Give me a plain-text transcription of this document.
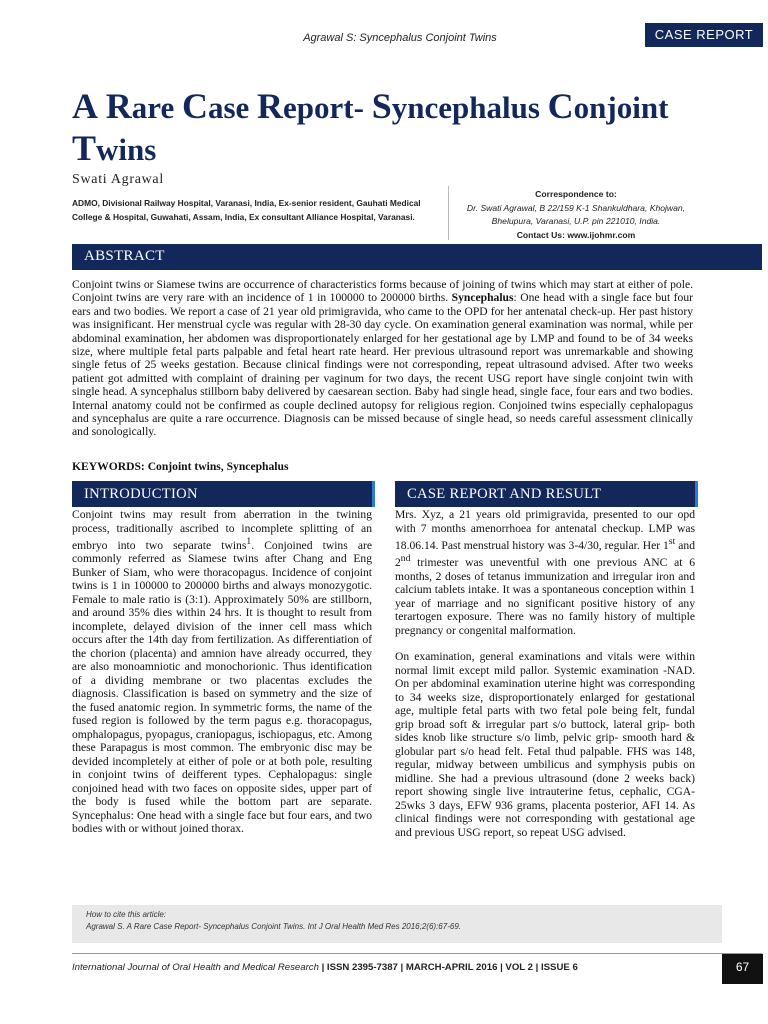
Agrawal S: Syncephalus Conjoint Twins	CASE REPORT
A Rare Case Report- Syncephalus Conjoint Twins
Swati Agrawal
ADMO, Divisional Railway Hospital, Varanasi, India, Ex-senior resident, Gauhati Medical College & Hospital, Guwahati, Assam, India, Ex consultant Alliance Hospital, Varanasi.
Correspondence to:
Dr. Swati Agrawal, B 22/159 K-1 Shankuldhara, Khojwan, Bhelupura, Varanasi, U.P. pin 221010, India.
Contact Us: www.ijohmr.com
ABSTRACT

Conjoint twins or Siamese twins are occurrence of characteristics forms because of joining of twins which may start at either of pole. Conjoint twins are very rare with an incidence of 1 in 100000 to 200000 births. Syncephalus: One head with a single face but four ears and two bodies. We report a case of 21 year old primigravida, who came to the OPD for her antenatal check-up. Her past history was insignificant. Her menstrual cycle was regular with 28-30 day cycle. On examination general examination was normal, while per abdominal examination, her abdomen was disproportionately enlarged for her gestational age by LMP and found to be of 34 weeks size, where multiple fetal parts palpable and fetal heart rate heard. Her previous ultrasound report was unremarkable and showing single fetus of 25 weeks gestation. Because clinical findings were not corresponding, repeat ultrasound advised. After two weeks patient got admitted with complaint of draining per vaginum for two days, the recent USG report have single conjoint twin with single head. A syncephalus stillborn baby delivered by caesarean section. Baby had single head, single face, four ears and two bodies. Internal anatomy could not be confirmed as couple declined autopsy for religious region. Conjoined twins especially cephalopagus and syncephalus are quite a rare occurrence. Diagnosis can be missed because of single head, so needs careful assessment clinically and sonologically.

KEYWORDS: Conjoint twins, Syncephalus
INTRODUCTION	CASE REPORT AND RESULT

Conjoint twins may result from aberration in the twining process, traditionally ascribed to incomplete splitting of an embryo into two separate twins$^1$. Conjoined twins are commonly referred as Siamese twins after Chang and Eng Bunker of Siam, who were thoracopagus. Incidence of conjoint twins is 1 in 100000 to 200000 births and always monozygotic. Female to male ratio is (3:1). Approximately 50% are stillborn, and around 35% dies within 24 hrs. It is thought to result from incomplete, delayed division of the inner cell mass which occurs after the 14th day from fertilization. As differentiation of the chorion (placenta) and amnion have already occurred, they are also monoamniotic and monochorionic. Thus identification of a dividing membrane or two placentas excludes the diagnosis. Classification is based on symmetry and the size of the fused anatomic region. In symmetric forms, the name of the fused region is followed by the term pagus e.g. thoracopagus, omphalopagus, pyopagus, craniopagus, ischiopagus, etc. Among these Parapagus is most common. The embryonic disc may be devided incompletely at either of pole or at both pole, resulting in conjoint twins of deifferent types. Cephalopagus: single conjoined head with two faces on opposite sides, upper part of the body is fused while the bottom part are separate. Syncephalus: One head with a single face but four ears, and two bodies with or without joined thorax.

Mrs. Xyz, a 21 years old primigravida, presented to our opd with 7 months amenorrhoea for antenatal checkup. LMP was 18.06.14. Past menstrual history was 3-4/30, regular. Her 1st and 2nd trimester was uneventful with one previous ANC at 6 months, 2 doses of tetanus immunization and irregular iron and calcium tablets intake. It was a spontaneous conception within 1 year of marriage and no significant positive history of any terartogen exposure. There was no family history of multiple pregnancy or congenital malformation.

On examination, general examinations and vitals were within normal limit except mild pallor. Systemic examination -NAD. On per abdominal examination uterine hight was corresponding to 34 weeks size, disproportionately enlarged for gestational age, multiple fetal parts with two fetal pole being felt, fundal grip broad soft & irregular part s/o buttock, lateral grip- both sides knob like structure s/o limb, pelvic grip- smooth hard & globular part s/o head felt. Fetal thud palpable. FHS was 148, regular, midway between umbilicus and symphysis pubis on midline. She had a previous ultrasound (done 2 weeks back) report showing single live intrauterine fetus, cephalic, CGA- 25wks 3 days, EFW 936 grams, placenta posterior, AFI 14. As clinical findings were not corresponding with gestational age and previous USG report, so repeat USG advised.

How to cite this article:
Agrawal S. A Rare Case Report- Syncephalus Conjoint Twins. Int J Oral Health Med Res 2016;2(6):67-69.
International Journal of Oral Health and Medical Research | ISSN 2395-7387 | MARCH-APRIL 2016 | VOL 2 | ISSUE 6	67
